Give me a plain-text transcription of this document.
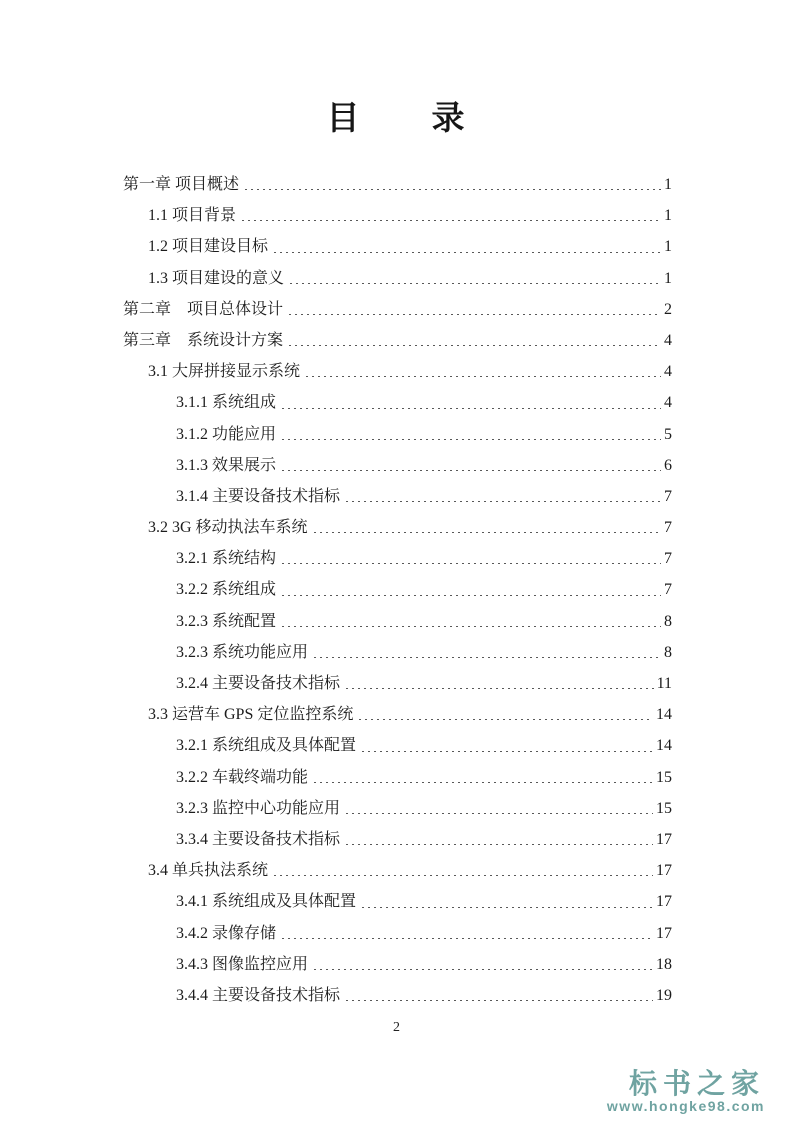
目　　录
第一章 项目概述	1
1.1 项目背景	1
1.2 项目建设目标	1
1.3 项目建设的意义	1
第二章　项目总体设计	2
第三章　系统设计方案	4
3.1 大屏拼接显示系统	4
3.1.1 系统组成	4
3.1.2 功能应用	5
3.1.3 效果展示	6
3.1.4 主要设备技术指标	7
3.2 3G 移动执法车系统	7
3.2.1 系统结构	7
3.2.2 系统组成	7
3.2.3 系统配置	8
3.2.3 系统功能应用	8
3.2.4 主要设备技术指标	11
3.3 运营车 GPS 定位监控系统	14
3.2.1 系统组成及具体配置	14
3.2.2 车载终端功能	15
3.2.3 监控中心功能应用	15
3.3.4 主要设备技术指标	17
3.4 单兵执法系统	17
3.4.1 系统组成及具体配置	17
3.4.2 录像存储	17
3.4.3 图像监控应用	18
3.4.4 主要设备技术指标	19
2
标书之家
www.hongke98.com
